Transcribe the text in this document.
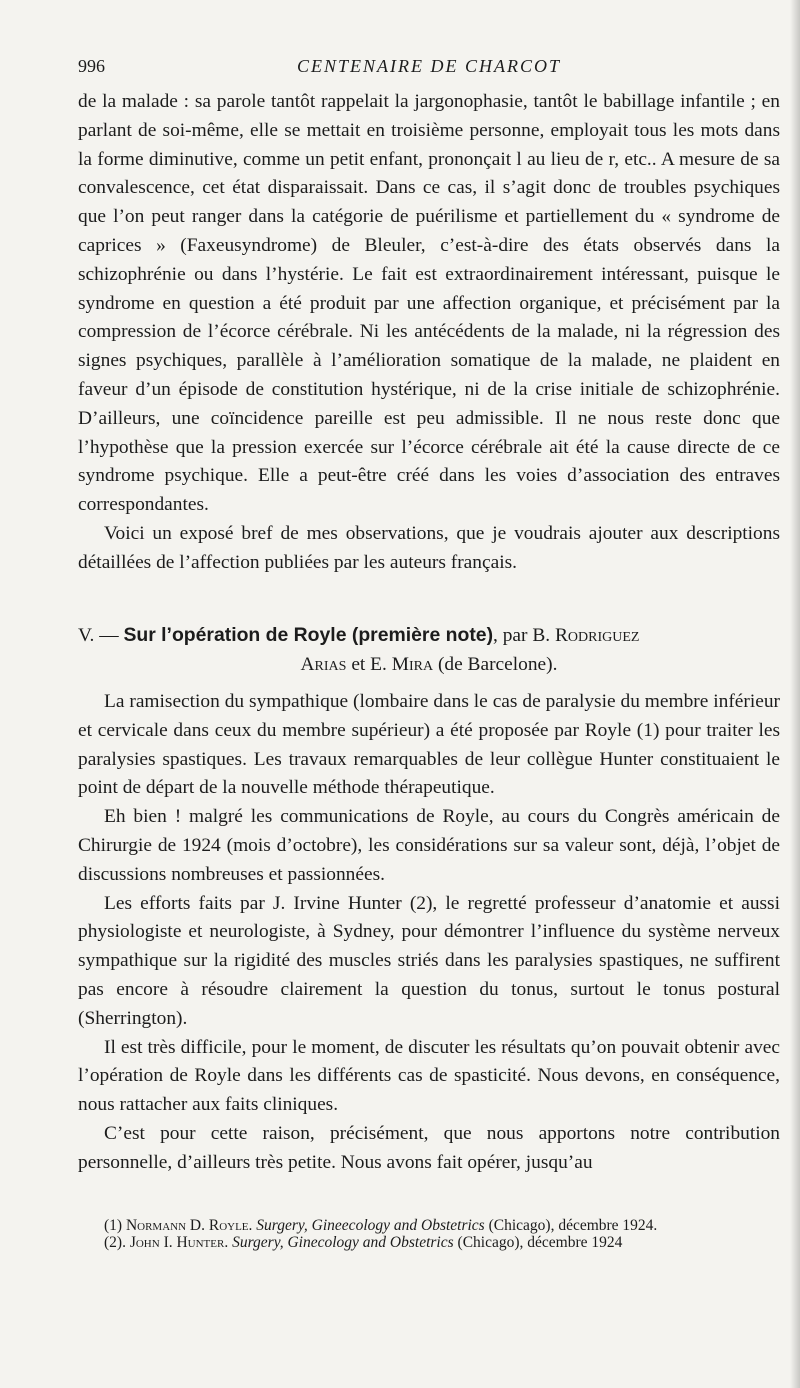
996	CENTENAIRE DE CHARCOT

de la malade : sa parole tantôt rappelait la jargonophasie, tantôt le babillage infantile ; en parlant de soi-même, elle se mettait en troisième personne, employait tous les mots dans la forme diminutive, comme un petit enfant, prononçait l au lieu de r, etc.. A mesure de sa convalescence, cet état disparaissait. Dans ce cas, il s’agit donc de troubles psychiques que l’on peut ranger dans la catégorie de puérilisme et partiellement du « syndrome de caprices » (Faxeusyndrome) de Bleuler, c’est-à-dire des états observés dans la schizophrénie ou dans l’hystérie. Le fait est extraordinairement intéressant, puisque le syndrome en question a été produit par une affection organique, et précisément par la compression de l’écorce cérébrale. Ni les antécédents de la malade, ni la régression des signes psychiques, parallèle à l’amélioration somatique de la malade, ne plaident en faveur d’un épisode de constitution hystérique, ni de la crise initiale de schizophrénie. D’ailleurs, une coïncidence pareille est peu admissible. Il ne nous reste donc que l’hypothèse que la pression exercée sur l’écorce cérébrale ait été la cause directe de ce syndrome psychique. Elle a peut-être créé dans les voies d’association des entraves correspondantes.

Voici un exposé bref de mes observations, que je voudrais ajouter aux descriptions détaillées de l’affection publiées par les auteurs français.

V. — Sur l’opération de Royle (première note), par B. Rodriguez
Arias et E. Mira (de Barcelone).

La ramisection du sympathique (lombaire dans le cas de paralysie du membre inférieur et cervicale dans ceux du membre supérieur) a été proposée par Royle (1) pour traiter les paralysies spastiques. Les travaux remarquables de leur collègue Hunter constituaient le point de départ de la nouvelle méthode thérapeutique.

Eh bien ! malgré les communications de Royle, au cours du Congrès américain de Chirurgie de 1924 (mois d’octobre), les considérations sur sa valeur sont, déjà, l’objet de discussions nombreuses et passionnées.

Les efforts faits par J. Irvine Hunter (2), le regretté professeur d’anatomie et aussi physiologiste et neurologiste, à Sydney, pour démontrer l’influence du système nerveux sympathique sur la rigidité des muscles striés dans les paralysies spastiques, ne suffirent pas encore à résoudre clairement la question du tonus, surtout le tonus postural (Sherrington).

Il est très difficile, pour le moment, de discuter les résultats qu’on pouvait obtenir avec l’opération de Royle dans les différents cas de spasticité. Nous devons, en conséquence, nous rattacher aux faits cliniques.

C’est pour cette raison, précisément, que nous apportons notre contribution personnelle, d’ailleurs très petite. Nous avons fait opérer, jusqu’au

(1) Normann D. Royle. Surgery, Gineecology and Obstetrics (Chicago), décembre 1924.

(2). John I. Hunter. Surgery, Ginecology and Obstetrics (Chicago), décembre 1924
